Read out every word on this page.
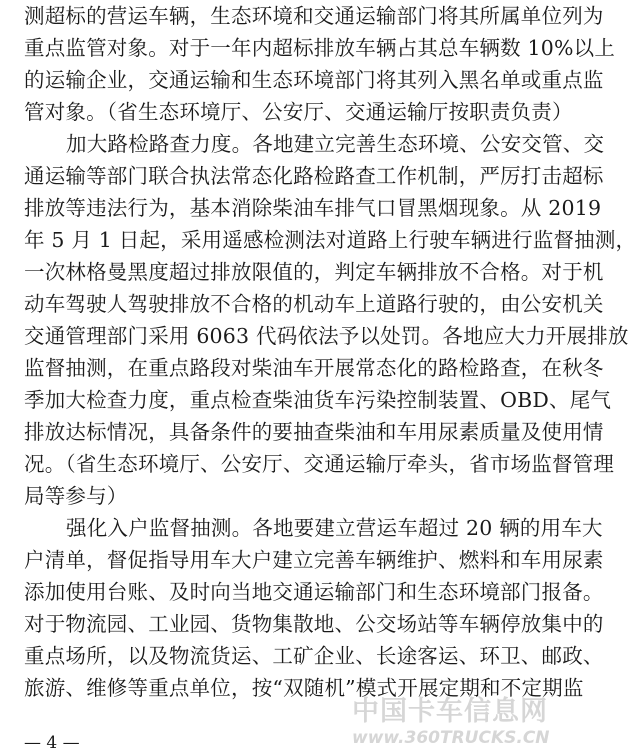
测超标的营运车辆，生态环境和交通运输部门将其所属单位列为
重点监管对象。对于一年内超标排放车辆占其总车辆数 10%以上
的运输企业，交通运输和生态环境部门将其列入黑名单或重点监
管对象。（省生态环境厅、公安厅、交通运输厅按职责负责）
加大路检路查力度。各地建立完善生态环境、公安交管、交
通运输等部门联合执法常态化路检路查工作机制，严厉打击超标
排放等违法行为，基本消除柴油车排气口冒黑烟现象。从 2019
年 5 月 1 日起，采用遥感检测法对道路上行驶车辆进行监督抽测，
一次林格曼黑度超过排放限值的，判定车辆排放不合格。对于机
动车驾驶人驾驶排放不合格的机动车上道路行驶的，由公安机关
交通管理部门采用 6063 代码依法予以处罚。各地应大力开展排放
监督抽测，在重点路段对柴油车开展常态化的路检路查，在秋冬
季加大检查力度，重点检查柴油货车污染控制装置、OBD、尾气
排放达标情况，具备条件的要抽查柴油和车用尿素质量及使用情
况。（省生态环境厅、公安厅、交通运输厅牵头，省市场监督管理
局等参与）
强化入户监督抽测。各地要建立营运车超过 20 辆的用车大
户清单，督促指导用车大户建立完善车辆维护、燃料和车用尿素
添加使用台账、及时向当地交通运输部门和生态环境部门报备。
对于物流园、工业园、货物集散地、公交场站等车辆停放集中的
重点场所，以及物流货运、工矿企业、长途客运、环卫、邮政、
旅游、维修等重点单位，按“双随机”模式开展定期和不定期监
— 4 —
中国卡车信息网
www.360TRUCKS.CN
